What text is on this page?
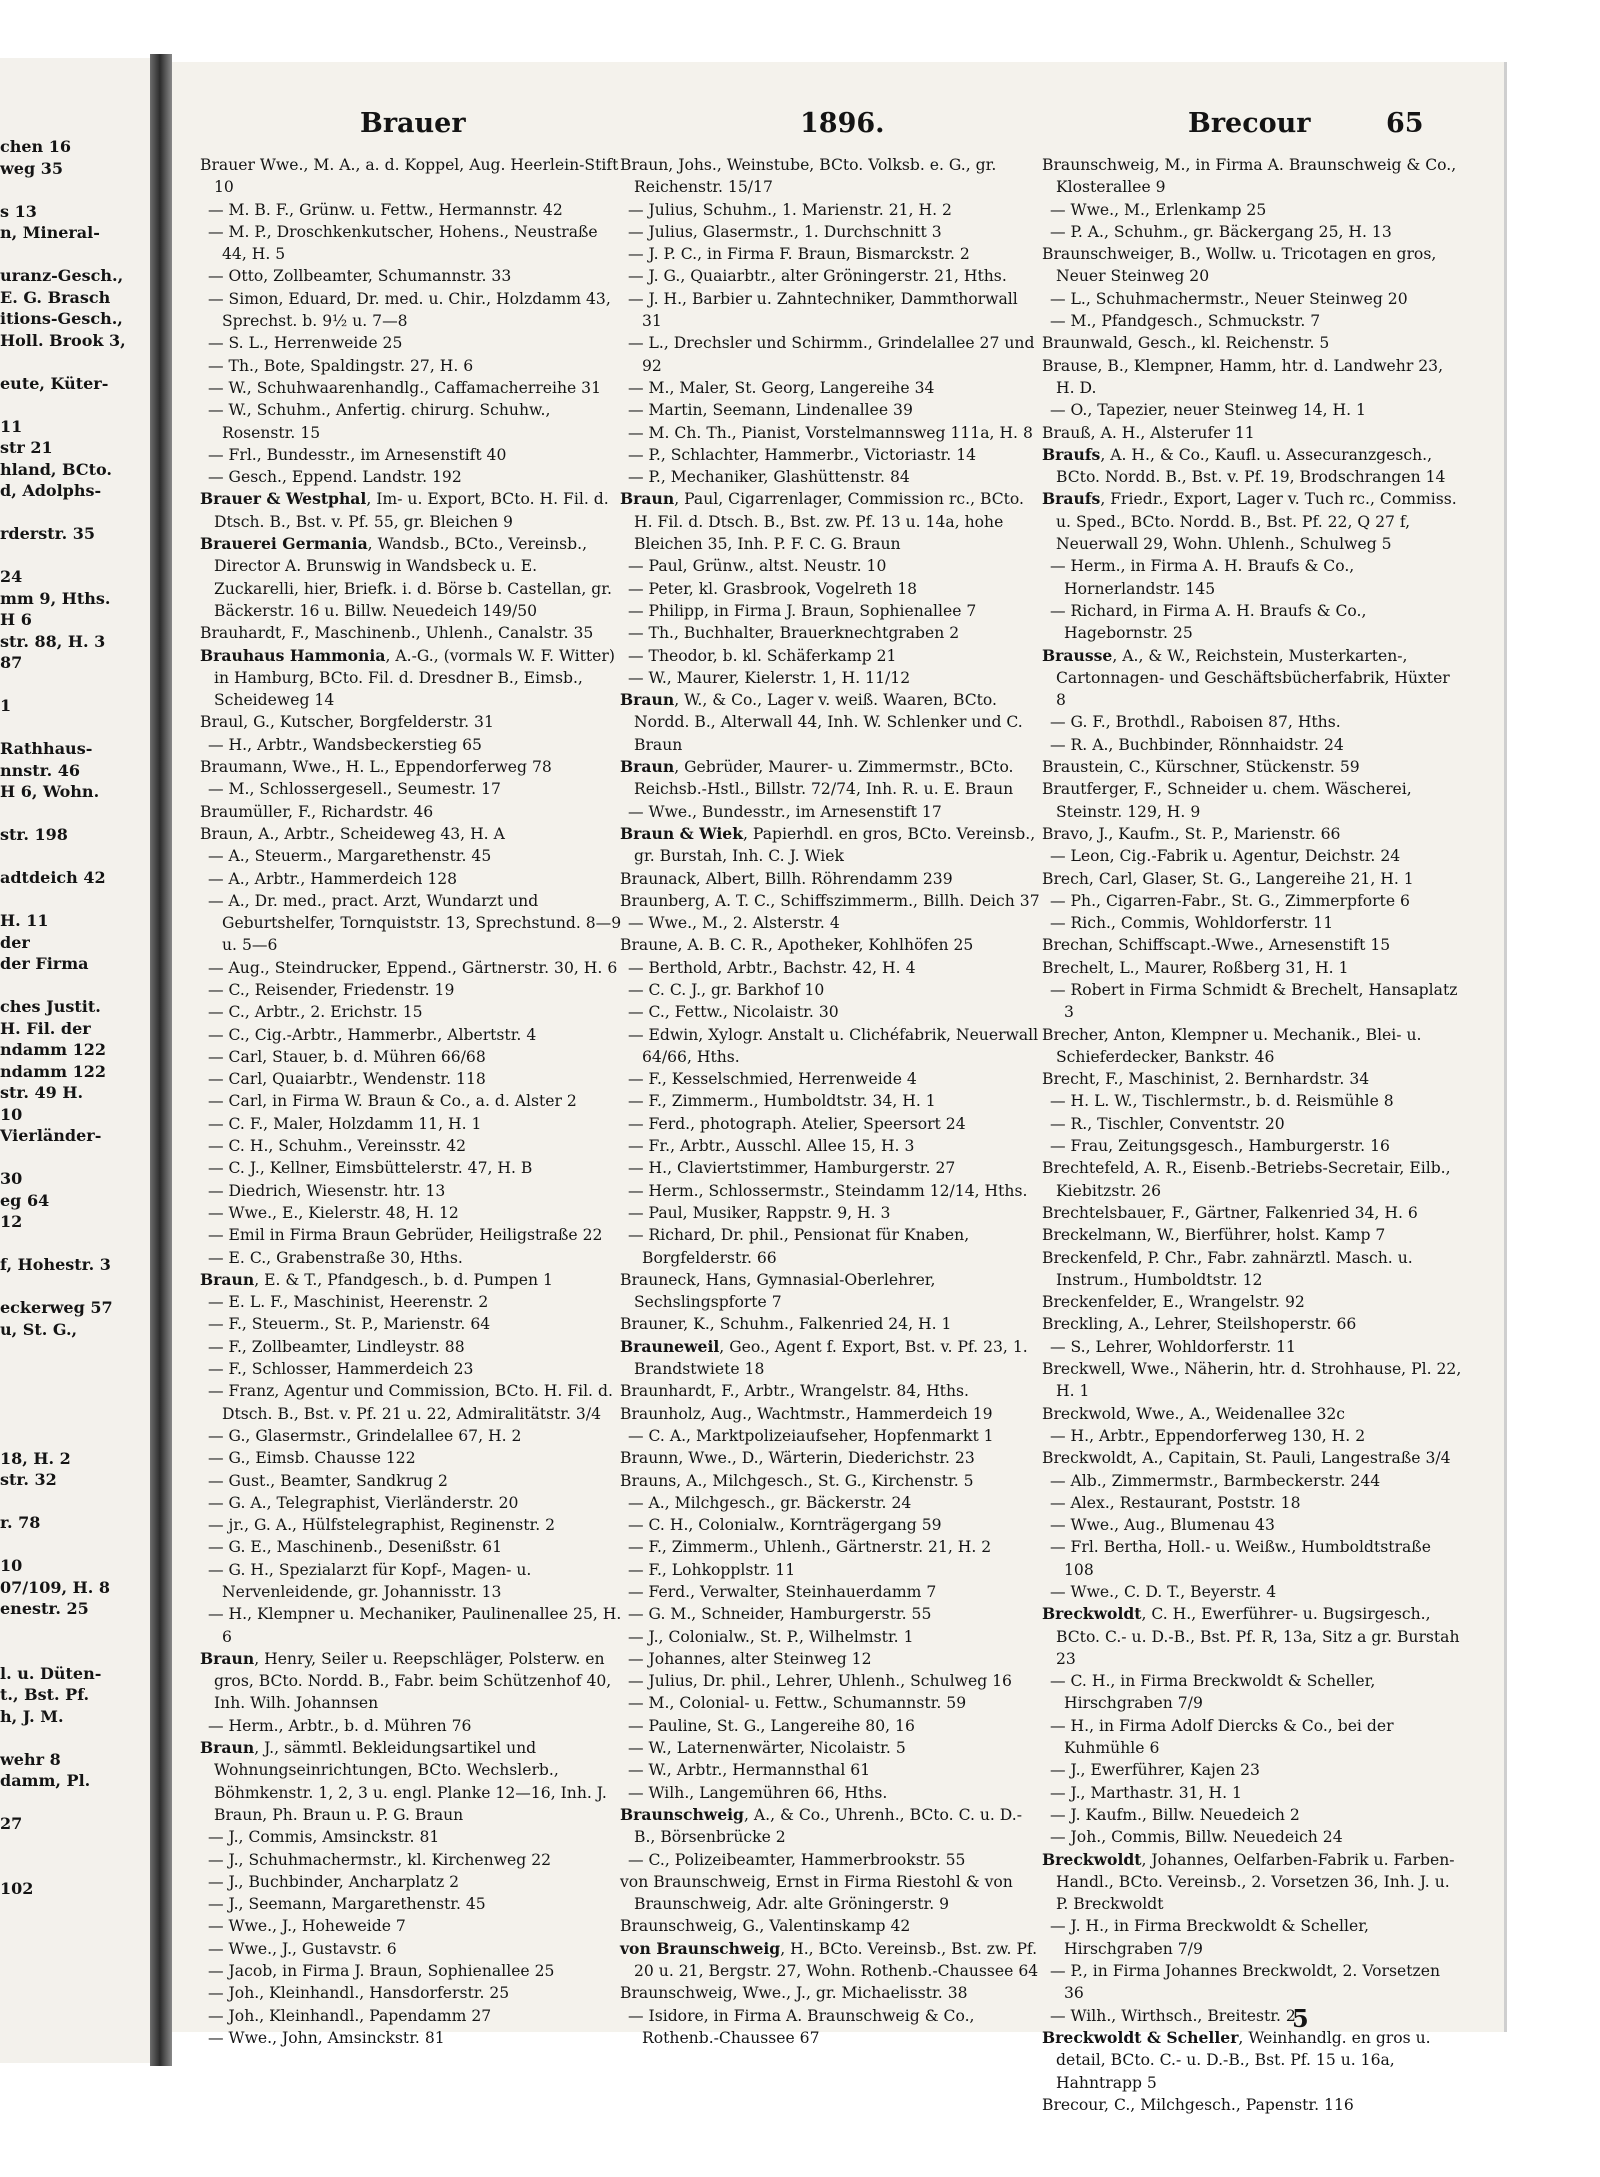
chen 16
weg 35

s 13
n, Mineral-

uranz-Gesch.,
E. G. Brasch
itions-Gesch.,
Holl. Brook 3,

eute, Küter-

11
str 21
hland, BCto.
d, Adolphs-

rderstr. 35

24
mm 9, Hths.
H 6
str. 88, H. 3
87

1

Rathhaus-
nnstr. 46
H 6, Wohn.

str. 198

adtdeich 42

H. 11
der
der Firma

ches Justit.
H. Fil. der
ndamm 122
ndamm 122
str. 49 H.
10
Vierländer-

30
eg 64
12

f, Hohestr. 3

eckerweg 57
u, St. G.,

18, H. 2
str. 32

r. 78

10
07/109, H. 8
enestr. 25

l. u. Düten-
t., Bst. Pf.
h, J. M.

wehr 8
damm, Pl.

27

102
Brauer	1896.	Brecour	65

Brauer Wwe., M. A., a. d. Koppel, Aug. Heerlein-Stift 10

— M. B. F., Grünw. u. Fettw., Hermannstr. 42

— M. P., Droschkenkutscher, Hohens., Neustraße 44, H. 5

— Otto, Zollbeamter, Schumannstr. 33

— Simon, Eduard, Dr. med. u. Chir., Holzdamm 43, Sprechst. b. 9½ u. 7—8

— S. L., Herrenweide 25

— Th., Bote, Spaldingstr. 27, H. 6

— W., Schuhwaarenhandlg., Caffamacherreihe 31

— W., Schuhm., Anfertig. chirurg. Schuhw., Rosenstr. 15

— Frl., Bundesstr., im Arnesenstift 40

— Gesch., Eppend. Landstr. 192

Brauer & Westphal, Im- u. Export, BCto. H. Fil. d. Dtsch. B., Bst. v. Pf. 55, gr. Bleichen 9

Brauerei Germania, Wandsb., BCto., Vereinsb., Director A. Brunswig in Wandsbeck u. E. Zuckarelli, hier, Briefk. i. d. Börse b. Castellan, gr. Bäckerstr. 16 u. Billw. Neuedeich 149/50

Brauhardt, F., Maschinenb., Uhlenh., Canalstr. 35

Brauhaus Hammonia, A.-G., (vormals W. F. Witter) in Hamburg, BCto. Fil. d. Dresdner B., Eimsb., Scheideweg 14

Braul, G., Kutscher, Borgfelderstr. 31

— H., Arbtr., Wandsbeckerstieg 65

Braumann, Wwe., H. L., Eppendorferweg 78

— M., Schlossergesell., Seumestr. 17

Braumüller, F., Richardstr. 46

Braun, A., Arbtr., Scheideweg 43, H. A

— A., Steuerm., Margarethenstr. 45

— A., Arbtr., Hammerdeich 128

— A., Dr. med., pract. Arzt, Wundarzt und Geburtshelfer, Tornquiststr. 13, Sprechstund. 8—9 u. 5—6

— Aug., Steindrucker, Eppend., Gärtnerstr. 30, H. 6

— C., Reisender, Friedenstr. 19

— C., Arbtr., 2. Erichstr. 15

— C., Cig.-Arbtr., Hammerbr., Albertstr. 4

— Carl, Stauer, b. d. Mühren 66/68

— Carl, Quaiarbtr., Wendenstr. 118

— Carl, in Firma W. Braun & Co., a. d. Alster 2

— C. F., Maler, Holzdamm 11, H. 1

— C. H., Schuhm., Vereinsstr. 42

— C. J., Kellner, Eimsbüttelerstr. 47, H. B

— Diedrich, Wiesenstr. htr. 13

— Wwe., E., Kielerstr. 48, H. 12

— Emil in Firma Braun Gebrüder, Heiligstraße 22

— E. C., Grabenstraße 30, Hths.

Braun, E. & T., Pfandgesch., b. d. Pumpen 1

— E. L. F., Maschinist, Heerenstr. 2

— F., Steuerm., St. P., Marienstr. 64

— F., Zollbeamter, Lindleystr. 88

— F., Schlosser, Hammerdeich 23

— Franz, Agentur und Commission, BCto. H. Fil. d. Dtsch. B., Bst. v. Pf. 21 u. 22, Admiralitätstr. 3/4

— G., Glasermstr., Grindelallee 67, H. 2

— G., Eimsb. Chausse 122

— Gust., Beamter, Sandkrug 2

— G. A., Telegraphist, Vierländerstr. 20

— jr., G. A., Hülfstelegraphist, Reginenstr. 2

— G. E., Maschinenb., Desenißstr. 61

— G. H., Spezialarzt für Kopf-, Magen- u. Nervenleidende, gr. Johannisstr. 13

— H., Klempner u. Mechaniker, Paulinenallee 25, H. 6

Braun, Henry, Seiler u. Reepschläger, Polsterw. en gros, BCto. Nordd. B., Fabr. beim Schützenhof 40, Inh. Wilh. Johannsen

— Herm., Arbtr., b. d. Mühren 76

Braun, J., sämmtl. Bekleidungsartikel und Wohnungseinrichtungen, BCto. Wechslerb., Böhmkenstr. 1, 2, 3 u. engl. Planke 12—16, Inh. J. Braun, Ph. Braun u. P. G. Braun

— J., Commis, Amsinckstr. 81

— J., Schuhmachermstr., kl. Kirchenweg 22

— J., Buchbinder, Ancharplatz 2

— J., Seemann, Margarethenstr. 45

— Wwe., J., Hoheweide 7

— Wwe., J., Gustavstr. 6

— Jacob, in Firma J. Braun, Sophienallee 25

— Joh., Kleinhandl., Hansdorferstr. 25

— Joh., Kleinhandl., Papendamm 27

— Wwe., John, Amsinckstr. 81

Braun, Johs., Weinstube, BCto. Volksb. e. G., gr. Reichenstr. 15/17

— Julius, Schuhm., 1. Marienstr. 21, H. 2

— Julius, Glasermstr., 1. Durchschnitt 3

— J. P. C., in Firma F. Braun, Bismarckstr. 2

— J. G., Quaiarbtr., alter Gröningerstr. 21, Hths.

— J. H., Barbier u. Zahntechniker, Dammthorwall 31

— L., Drechsler und Schirmm., Grindelallee 27 und 92

— M., Maler, St. Georg, Langereihe 34

— Martin, Seemann, Lindenallee 39

— M. Ch. Th., Pianist, Vorstelmannsweg 111a, H. 8

— P., Schlachter, Hammerbr., Victoriastr. 14

— P., Mechaniker, Glashüttenstr. 84

Braun, Paul, Cigarrenlager, Commission rc., BCto. H. Fil. d. Dtsch. B., Bst. zw. Pf. 13 u. 14a, hohe Bleichen 35, Inh. P. F. C. G. Braun

— Paul, Grünw., altst. Neustr. 10

— Peter, kl. Grasbrook, Vogelreth 18

— Philipp, in Firma J. Braun, Sophienallee 7

— Th., Buchhalter, Brauerknechtgraben 2

— Theodor, b. kl. Schäferkamp 21

— W., Maurer, Kielerstr. 1, H. 11/12

Braun, W., & Co., Lager v. weiß. Waaren, BCto. Nordd. B., Alterwall 44, Inh. W. Schlenker und C. Braun

Braun, Gebrüder, Maurer- u. Zimmermstr., BCto. Reichsb.-Hstl., Billstr. 72/74, Inh. R. u. E. Braun

— Wwe., Bundesstr., im Arnesenstift 17

Braun & Wiek, Papierhdl. en gros, BCto. Vereinsb., gr. Burstah, Inh. C. J. Wiek

Braunack, Albert, Billh. Röhrendamm 239

Braunberg, A. T. C., Schiffszimmerm., Billh. Deich 37

— Wwe., M., 2. Alsterstr. 4

Braune, A. B. C. R., Apotheker, Kohlhöfen 25

— Berthold, Arbtr., Bachstr. 42, H. 4

— C. C. J., gr. Barkhof 10

— C., Fettw., Nicolaistr. 30

— Edwin, Xylogr. Anstalt u. Clichéfabrik, Neuerwall 64/66, Hths.

— F., Kesselschmied, Herrenweide 4

— F., Zimmerm., Humboldtstr. 34, H. 1

— Ferd., photograph. Atelier, Speersort 24

— Fr., Arbtr., Ausschl. Allee 15, H. 3

— H., Claviertstimmer, Hamburgerstr. 27

— Herm., Schlossermstr., Steindamm 12/14, Hths.

— Paul, Musiker, Rappstr. 9, H. 3

— Richard, Dr. phil., Pensionat für Knaben, Borgfelderstr. 66

Brauneck, Hans, Gymnasial-Oberlehrer, Sechslingspforte 7

Brauner, K., Schuhm., Falkenried 24, H. 1

Brauneweil, Geo., Agent f. Export, Bst. v. Pf. 23, 1. Brandstwiete 18

Braunhardt, F., Arbtr., Wrangelstr. 84, Hths.

Braunholz, Aug., Wachtmstr., Hammerdeich 19

— C. A., Marktpolizeiaufseher, Hopfenmarkt 1

Braunn, Wwe., D., Wärterin, Diederichstr. 23

Brauns, A., Milchgesch., St. G., Kirchenstr. 5

— A., Milchgesch., gr. Bäckerstr. 24

— C. H., Colonialw., Kornträgergang 59

— F., Zimmerm., Uhlenh., Gärtnerstr. 21, H. 2

— F., Lohkopplstr. 11

— Ferd., Verwalter, Steinhauerdamm 7

— G. M., Schneider, Hamburgerstr. 55

— J., Colonialw., St. P., Wilhelmstr. 1

— Johannes, alter Steinweg 12

— Julius, Dr. phil., Lehrer, Uhlenh., Schulweg 16

— M., Colonial- u. Fettw., Schumannstr. 59

— Pauline, St. G., Langereihe 80, 16

— W., Laternenwärter, Nicolaistr. 5

— W., Arbtr., Hermannsthal 61

— Wilh., Langemühren 66, Hths.

Braunschweig, A., & Co., Uhrenh., BCto. C. u. D.-B., Börsenbrücke 2

— C., Polizeibeamter, Hammerbrookstr. 55

von Braunschweig, Ernst in Firma Riestohl & von Braunschweig, Adr. alte Gröningerstr. 9

Braunschweig, G., Valentinskamp 42

von Braunschweig, H., BCto. Vereinsb., Bst. zw. Pf. 20 u. 21, Bergstr. 27, Wohn. Rothenb.-Chaussee 64

Braunschweig, Wwe., J., gr. Michaelisstr. 38

— Isidore, in Firma A. Braunschweig & Co., Rothenb.-Chaussee 67

Braunschweig, M., in Firma A. Braunschweig & Co., Klosterallee 9

— Wwe., M., Erlenkamp 25

— P. A., Schuhm., gr. Bäckergang 25, H. 13

Braunschweiger, B., Wollw. u. Tricotagen en gros, Neuer Steinweg 20

— L., Schuhmachermstr., Neuer Steinweg 20

— M., Pfandgesch., Schmuckstr. 7

Braunwald, Gesch., kl. Reichenstr. 5

Brause, B., Klempner, Hamm, htr. d. Landwehr 23, H. D.

— O., Tapezier, neuer Steinweg 14, H. 1

Brauß, A. H., Alsterufer 11

Braufs, A. H., & Co., Kaufl. u. Assecuranzgesch., BCto. Nordd. B., Bst. v. Pf. 19, Brodschrangen 14

Braufs, Friedr., Export, Lager v. Tuch rc., Commiss. u. Sped., BCto. Nordd. B., Bst. Pf. 22, Q 27 f, Neuerwall 29, Wohn. Uhlenh., Schulweg 5

— Herm., in Firma A. H. Braufs & Co., Hornerlandstr. 145

— Richard, in Firma A. H. Braufs & Co., Hagebornstr. 25

Brausse, A., & W., Reichstein, Musterkarten-, Cartonnagen- und Geschäftsbücherfabrik, Hüxter 8

— G. F., Brothdl., Raboisen 87, Hths.

— R. A., Buchbinder, Rönnhaidstr. 24

Braustein, C., Kürschner, Stückenstr. 59

Brautferger, F., Schneider u. chem. Wäscherei, Steinstr. 129, H. 9

Bravo, J., Kaufm., St. P., Marienstr. 66

— Leon, Cig.-Fabrik u. Agentur, Deichstr. 24

Brech, Carl, Glaser, St. G., Langereihe 21, H. 1

— Ph., Cigarren-Fabr., St. G., Zimmerpforte 6

— Rich., Commis, Wohldorferstr. 11

Brechan, Schiffscapt.-Wwe., Arnesenstift 15

Brechelt, L., Maurer, Roßberg 31, H. 1

— Robert in Firma Schmidt & Brechelt, Hansaplatz 3

Brecher, Anton, Klempner u. Mechanik., Blei- u. Schieferdecker, Bankstr. 46

Brecht, F., Maschinist, 2. Bernhardstr. 34

— H. L. W., Tischlermstr., b. d. Reismühle 8

— R., Tischler, Conventstr. 20

— Frau, Zeitungsgesch., Hamburgerstr. 16

Brechtefeld, A. R., Eisenb.-Betriebs-Secretair, Eilb., Kiebitzstr. 26

Brechtelsbauer, F., Gärtner, Falkenried 34, H. 6

Breckelmann, W., Bierführer, holst. Kamp 7

Breckenfeld, P. Chr., Fabr. zahnärztl. Masch. u. Instrum., Humboldtstr. 12

Breckenfelder, E., Wrangelstr. 92

Breckling, A., Lehrer, Steilshoperstr. 66

— S., Lehrer, Wohldorferstr. 11

Breckwell, Wwe., Näherin, htr. d. Strohhause, Pl. 22, H. 1

Breckwold, Wwe., A., Weidenallee 32c

— H., Arbtr., Eppendorferweg 130, H. 2

Breckwoldt, A., Capitain, St. Pauli, Langestraße 3/4

— Alb., Zimmermstr., Barmbeckerstr. 244

— Alex., Restaurant, Poststr. 18

— Wwe., Aug., Blumenau 43

— Frl. Bertha, Holl.- u. Weißw., Humboldtstraße 108

— Wwe., C. D. T., Beyerstr. 4

Breckwoldt, C. H., Ewerführer- u. Bugsirgesch., BCto. C.- u. D.-B., Bst. Pf. R, 13a, Sitz a gr. Burstah 23

— C. H., in Firma Breckwoldt & Scheller, Hirschgraben 7/9

— H., in Firma Adolf Diercks & Co., bei der Kuhmühle 6

— J., Ewerführer, Kajen 23

— J., Marthastr. 31, H. 1

— J. Kaufm., Billw. Neuedeich 2

— Joh., Commis, Billw. Neuedeich 24

Breckwoldt, Johannes, Oelfarben-Fabrik u. Farben-Handl., BCto. Vereinsb., 2. Vorsetzen 36, Inh. J. u. P. Breckwoldt

— J. H., in Firma Breckwoldt & Scheller, Hirschgraben 7/9

— P., in Firma Johannes Breckwoldt, 2. Vorsetzen 36

— Wilh., Wirthsch., Breitestr. 2

Breckwoldt & Scheller, Weinhandlg. en gros u. detail, BCto. C.- u. D.-B., Bst. Pf. 15 u. 16a, Hahntrapp 5

Brecour, C., Milchgesch., Papenstr. 116

5
